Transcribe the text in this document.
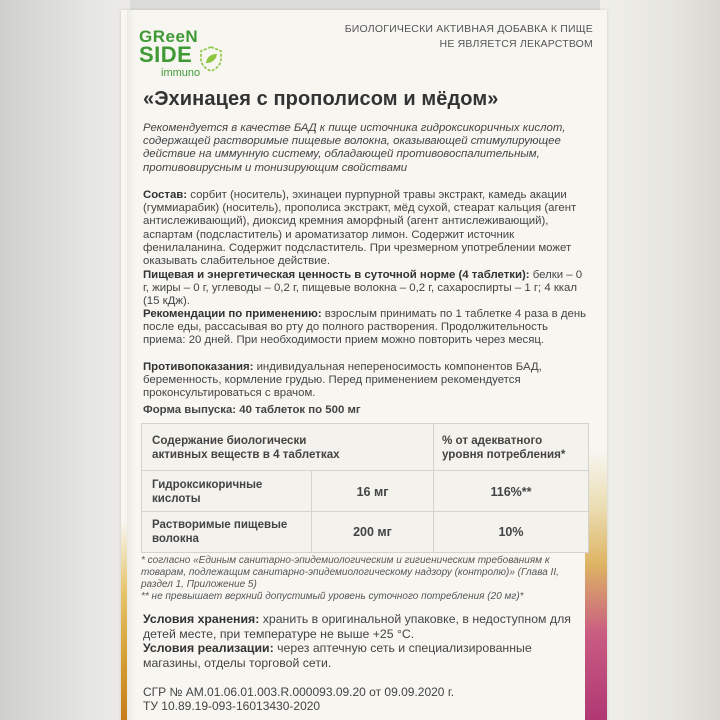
GReeN
SIDE
immuno
БИОЛОГИЧЕСКИ АКТИВНАЯ ДОБАВКА К ПИЩЕ
НЕ ЯВЛЯЕТСЯ ЛЕКАРСТВОМ
«Эхинацея с прополисом и мёдом»
Рекомендуется в качестве БАД к пище источника гидроксикоричных кислот, содержащей растворимые пищевые волокна, оказывающей стимулирующее действие на иммунную систему, обладающей противовоспалительным, противовирусным и тонизирующим свойствами
Состав: сорбит (носитель), эхинацеи пурпурной травы экстракт, камедь акации (гуммиарабик) (носитель), прополиса экстракт, мёд сухой, стеарат кальция (агент антислеживающий), диоксид кремния аморфный (агент антислеживающий), аспартам (подсластитель) и ароматизатор лимон. Содержит источник фенилаланина. Содержит подсластитель. При чрезмерном употреблении может оказывать слабительное действие.
Пищевая и энергетическая ценность в суточной норме (4 таблетки): белки – 0 г, жиры – 0 г, углеводы – 0,2 г, пищевые волокна – 0,2 г, сахароспирты – 1 г; 4 ккал (15 кДж).
Рекомендации по применению: взрослым принимать по 1 таблетке 4 раза в день после еды, рассасывая во рту до полного растворения. Продолжительность приема: 20 дней. При необходимости прием можно повторить через месяц.
Противопоказания: индивидуальная непереносимость компонентов БАД, беременность, кормление грудью. Перед применением рекомендуется проконсультироваться с врачом.
Форма выпуска: 40 таблеток по 500 мг
Содержание биологически активных веществ в 4 таблетках
% от адекватного уровня потребления*
Гидроксикоричные кислоты	16 мг	116%**
Растворимые пищевые волокна	200 мг	10%
* согласно «Единым санитарно-эпидемиологическим и гигиеническим требованиям к товарам, подлежащим санитарно-эпидемиологическому надзору (контролю)» (Глава II, раздел 1, Приложение 5)
** не превышает верхний допустимый уровень суточного потребления (20 мг)*
Условия хранения: хранить в оригинальной упаковке, в недоступном для детей месте, при температуре не выше +25 °С.
Условия реализации: через аптечную сеть и специализированные магазины, отделы торговой сети.
СГР № AM.01.06.01.003.R.000093.09.20 от 09.09.2020 г.
ТУ 10.89.19-093-16013430-2020
